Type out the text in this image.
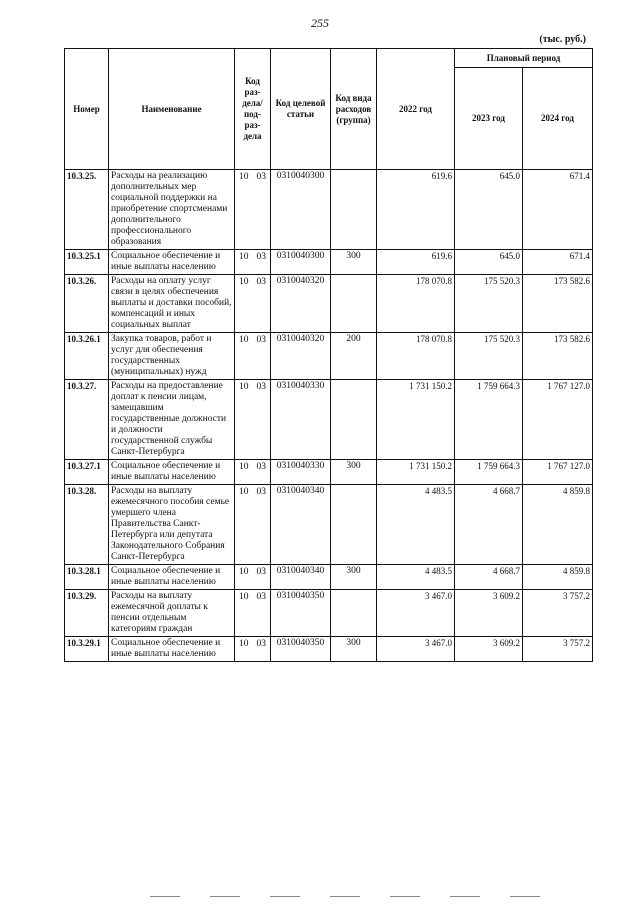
255
(тыс. руб.)
Номер	Наименование	Код раз-дела/ под-раз-дела	Код целевой статьи	Код вида расходов (группа)	2022 год	Плановый период	
						2023 год	2024 год
10.3.25.	Расходы на реализацию дополнительных мер социальной поддержки на приобретение спортсменами дополнительного профессионального образования	10 03	0310040300		619.6	645.0	671.4
10.3.25.1	Социальное обеспечение и иные выплаты населению	10 03	0310040300	300	619.6	645.0	671.4
10.3.26.	Расходы на оплату услуг связи в целях обеспечения выплаты и доставки пособий, компенсаций и иных социальных выплат	10 03	0310040320		178 070.8	175 520.3	173 582.6
10.3.26.1	Закупка товаров, работ и услуг для обеспечения государственных (муниципальных) нужд	10 03	0310040320	200	178 070.8	175 520.3	173 582.6
10.3.27.	Расходы на предоставление доплат к пенсии лицам, замещавшим государственные должности и должности государственной службы Санкт-Петербурга	10 03	0310040330		1 731 150.2	1 759 664.3	1 767 127.0
10.3.27.1	Социальное обеспечение и иные выплаты населению	10 03	0310040330	300	1 731 150.2	1 759 664.3	1 767 127.0
10.3.28.	Расходы на выплату ежемесячного пособия семье умершего члена Правительства Санкт-Петербурга или депутата Законодательного Собрания Санкт-Петербурга	10 03	0310040340		4 483.5	4 668.7	4 859.8
10.3.28.1	Социальное обеспечение и иные выплаты населению	10 03	0310040340	300	4 483.5	4 668.7	4 859.8
10.3.29.	Расходы на выплату ежемесячной доплаты к пенсии отдельным категориям граждан	10 03	0310040350		3 467.0	3 609.2	3 757.2
10.3.29.1	Социальное обеспечение и иные выплаты населению	10 03	0310040350	300	3 467.0	3 609.2	3 757.2
